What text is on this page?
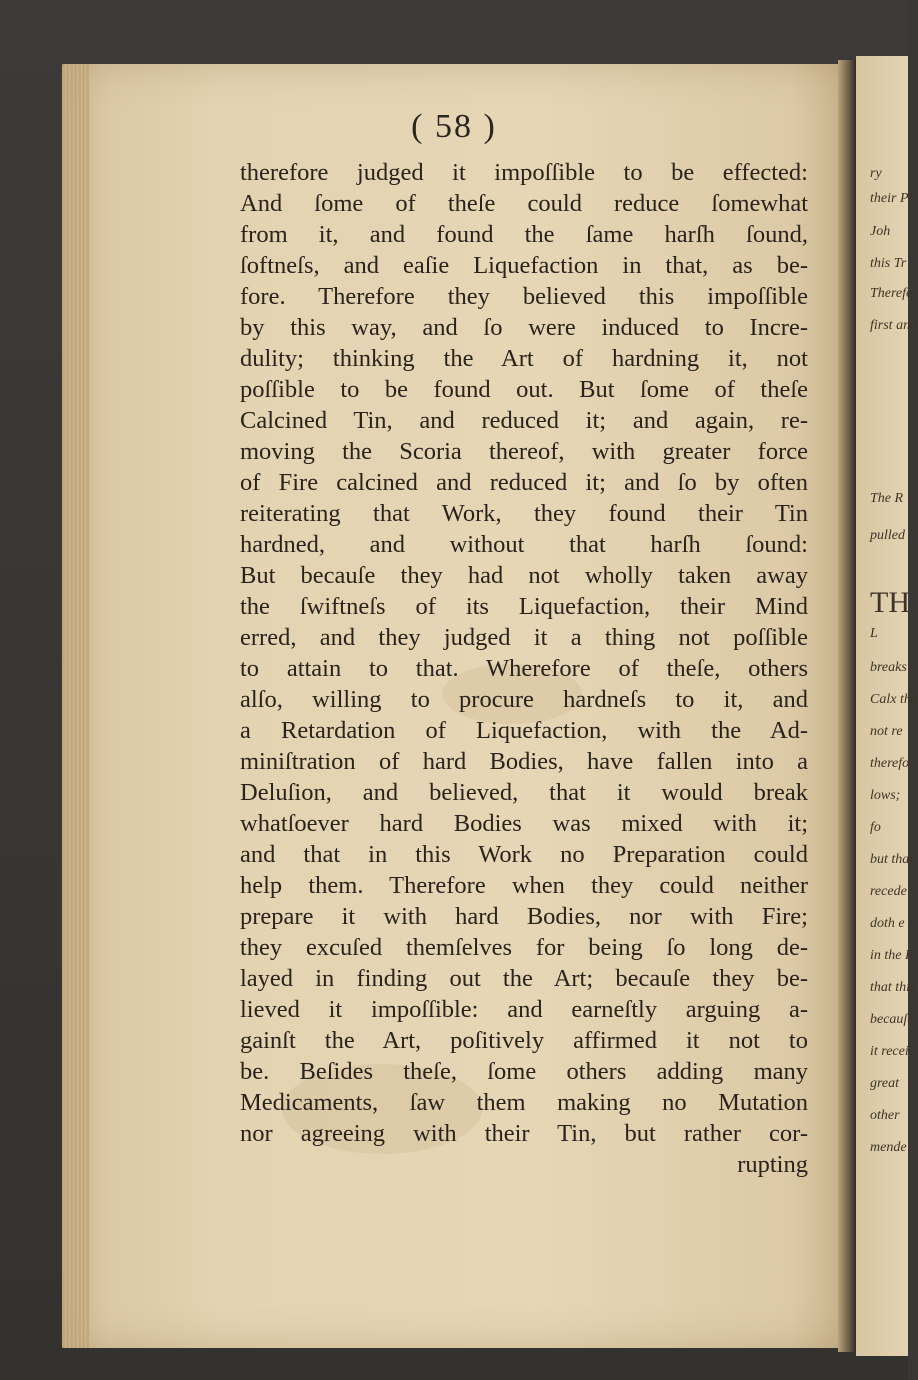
ry
their Ph
Joh
this Tr
Therefo
first and
The R
pulled
TH
L
breaks
Calx tha
not re
therefo
lows;
fo
but that
recede
doth e
in the P
that this
becauſe
it receiv
great
other
mende
( 58 )
therefore judged it impoſſible to be effected:
And ſome of theſe could reduce ſomewhat
from it, and found the ſame harſh ſound,
ſoftneſs, and eaſie Liquefaction in that, as be-
fore. Therefore they believed this impoſſible
by this way, and ſo were induced to Incre-
dulity; thinking the Art of hardning it, not
poſſible to be found out. But ſome of theſe
Calcined Tin, and reduced it; and again, re-
moving the Scoria thereof, with greater force
of Fire calcined and reduced it; and ſo by often
reiterating that Work, they found their Tin
hardned, and without that harſh ſound:
But becauſe they had not wholly taken away
the ſwiftneſs of its Liquefaction, their Mind
erred, and they judged it a thing not poſſible
to attain to that. Wherefore of theſe, others
alſo, willing to procure hardneſs to it, and
a Retardation of Liquefaction, with the Ad-
miniſtration of hard Bodies, have fallen into a
Deluſion, and believed, that it would break
whatſoever hard Bodies was mixed with it;
and that in this Work no Preparation could
help them. Therefore when they could neither
prepare it with hard Bodies, nor with Fire;
they excuſed themſelves for being ſo long de-
layed in finding out the Art; becauſe they be-
lieved it impoſſible: and earneſtly arguing a-
gainſt the Art, poſitively affirmed it not to
be. Beſides theſe, ſome others adding many
Medicaments, ſaw them making no Mutation
nor agreeing with their Tin, but rather cor-
rupting
